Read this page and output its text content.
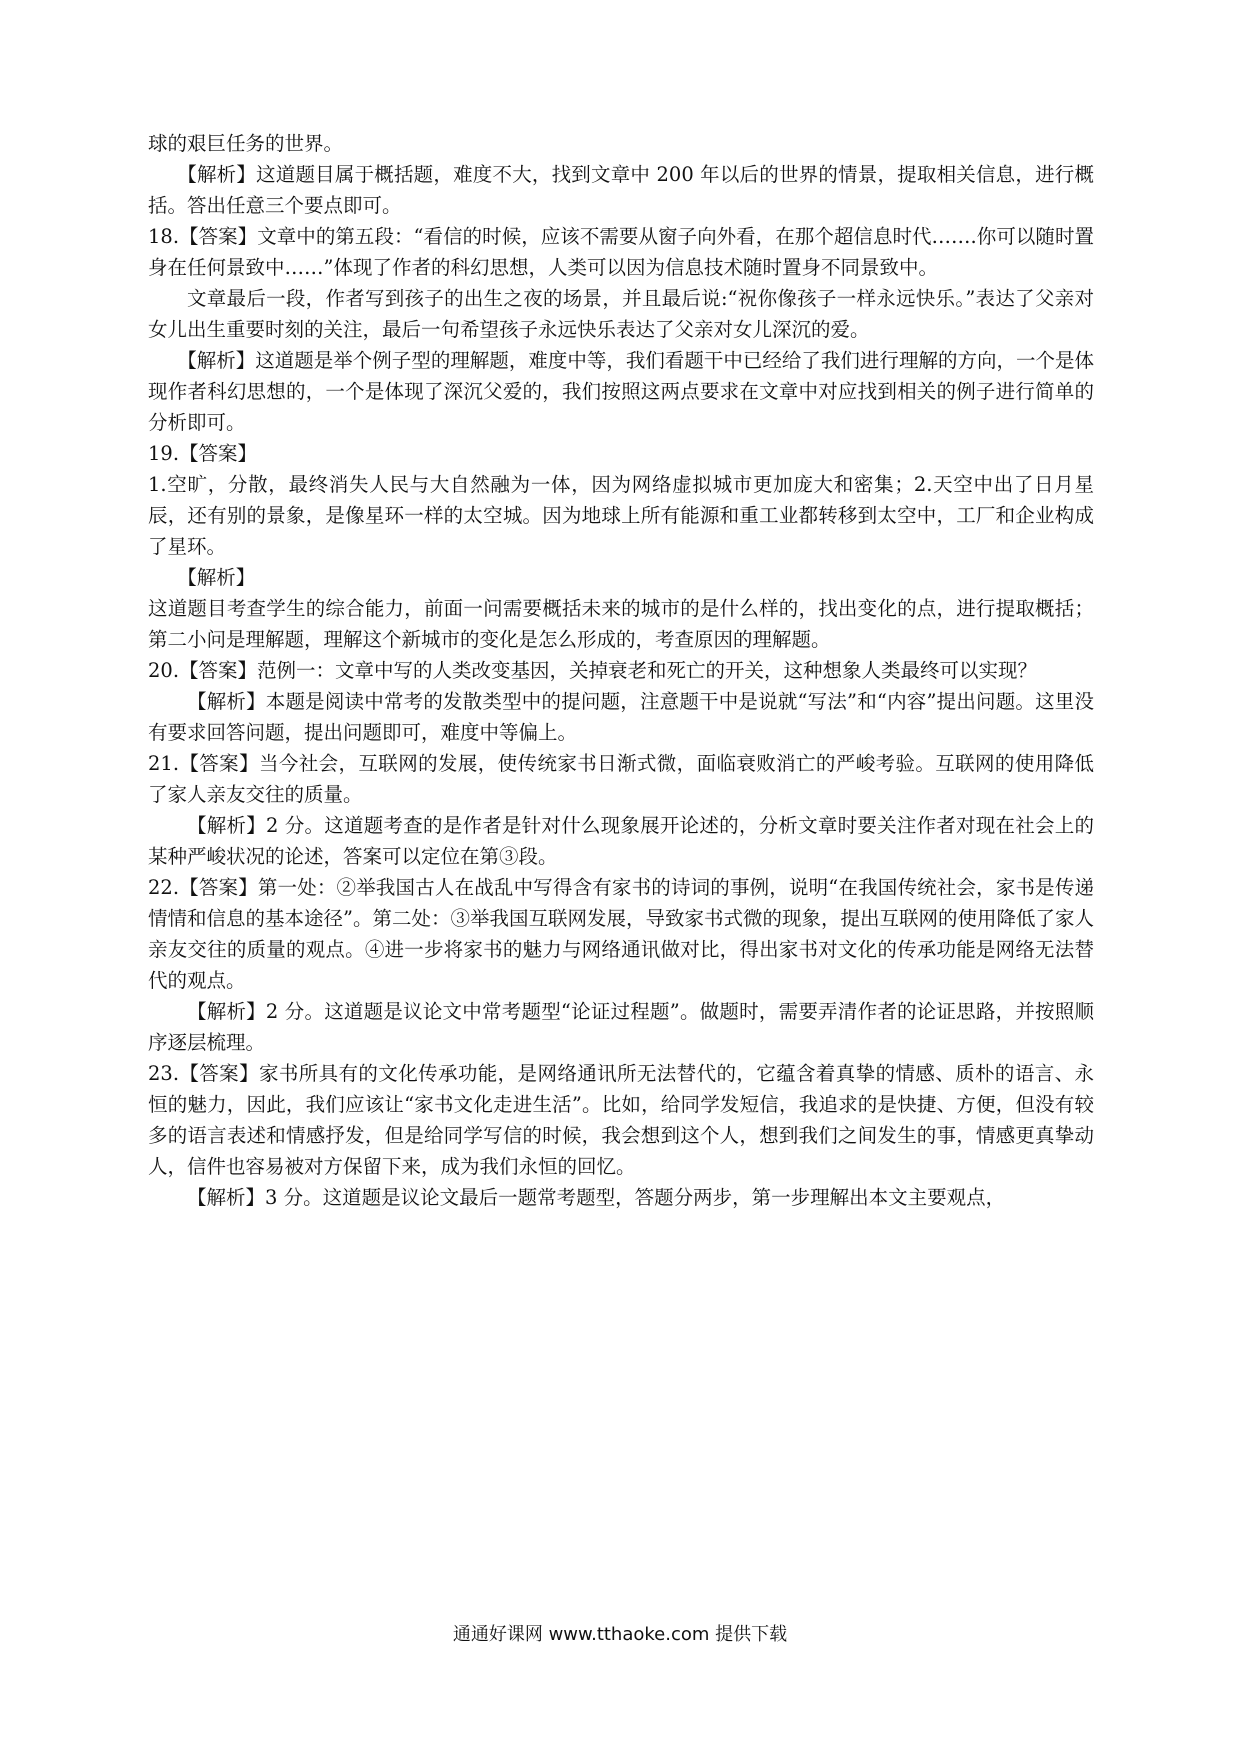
球的艰巨任务的世界。

【解析】这道题目属于概括题，难度不大，找到文章中 200 年以后的世界的情景，提取相关信息，进行概括。答出任意三个要点即可。

18.【答案】文章中的第五段：“看信的时候，应该不需要从窗子向外看，在那个超信息时代…….你可以随时置身在任何景致中……”体现了作者的科幻思想，人类可以因为信息技术随时置身不同景致中。

文章最后一段，作者写到孩子的出生之夜的场景，并且最后说:“祝你像孩子一样永远快乐。”表达了父亲对女儿出生重要时刻的关注，最后一句希望孩子永远快乐表达了父亲对女儿深沉的爱。

【解析】这道题是举个例子型的理解题，难度中等，我们看题干中已经给了我们进行理解的方向，一个是体现作者科幻思想的，一个是体现了深沉父爱的，我们按照这两点要求在文章中对应找到相关的例子进行简单的分析即可。

19.【答案】

1.空旷，分散，最终消失人民与大自然融为一体，因为网络虚拟城市更加庞大和密集；2.天空中出了日月星辰，还有别的景象，是像星环一样的太空城。因为地球上所有能源和重工业都转移到太空中，工厂和企业构成了星环。

【解析】

这道题目考查学生的综合能力，前面一问需要概括未来的城市的是什么样的，找出变化的点，进行提取概括；第二小问是理解题，理解这个新城市的变化是怎么形成的，考查原因的理解题。

20.【答案】范例一：文章中写的人类改变基因，关掉衰老和死亡的开关，这种想象人类最终可以实现？

【解析】本题是阅读中常考的发散类型中的提问题，注意题干中是说就“写法”和“内容”提出问题。这里没有要求回答问题，提出问题即可，难度中等偏上。

21.【答案】当今社会，互联网的发展，使传统家书日渐式微，面临衰败消亡的严峻考验。互联网的使用降低了家人亲友交往的质量。

【解析】2 分。这道题考查的是作者是针对什么现象展开论述的，分析文章时要关注作者对现在社会上的某种严峻状况的论述，答案可以定位在第③段。

22.【答案】第一处：②举我国古人在战乱中写得含有家书的诗词的事例，说明“在我国传统社会，家书是传递情情和信息的基本途径”。第二处：③举我国互联网发展，导致家书式微的现象，提出互联网的使用降低了家人亲友交往的质量的观点。④进一步将家书的魅力与网络通讯做对比，得出家书对文化的传承功能是网络无法替代的观点。

【解析】2 分。这道题是议论文中常考题型“论证过程题”。做题时，需要弄清作者的论证思路，并按照顺序逐层梳理。

23.【答案】家书所具有的文化传承功能，是网络通讯所无法替代的，它蕴含着真挚的情感、质朴的语言、永恒的魅力，因此，我们应该让“家书文化走进生活”。比如，给同学发短信，我追求的是快捷、方便，但没有较多的语言表述和情感抒发，但是给同学写信的时候，我会想到这个人，想到我们之间发生的事，情感更真挚动人，信件也容易被对方保留下来，成为我们永恒的回忆。

【解析】3 分。这道题是议论文最后一题常考题型，答题分两步，第一步理解出本文主要观点，

通通好课网 www.tthaoke.com 提供下载
